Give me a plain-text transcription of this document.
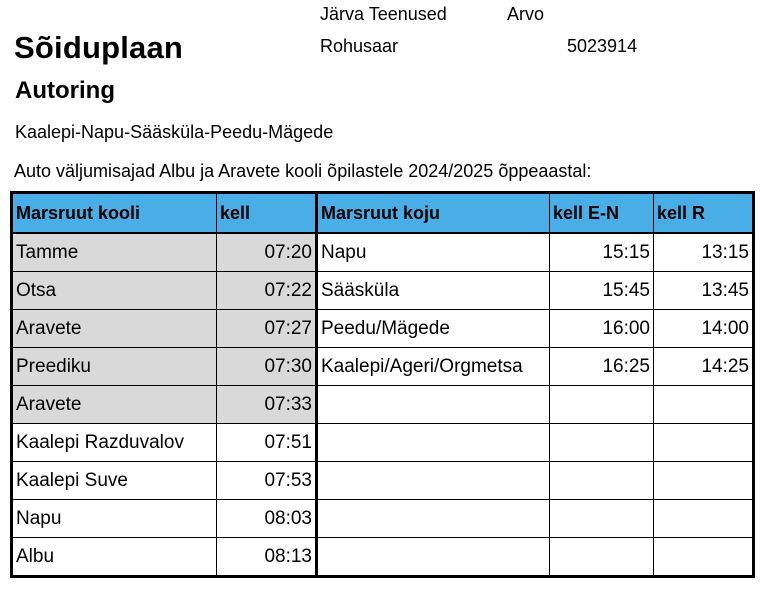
Sõiduplaan
Autoring
Kaalepi-Napu-Sääsküla-Peedu-Mägede
Auto väljumisajad Albu ja Aravete kooli õpilastele 2024/2025 õppeaastal:
Järva Teenused	Arvo
Rohusaar	5023914
Marsruut kooli	kell	Marsruut koju	kell E-N	kell R
Tamme	07:20	Napu	15:15	13:15
Otsa	07:22	Sääsküla	15:45	13:45
Aravete	07:27	Peedu/Mägede	16:00	14:00
Preediku	07:30	Kaalepi/Ageri/Orgmetsa	16:25	14:25
Aravete	07:33			
Kaalepi Razduvalov	07:51			
Kaalepi Suve	07:53			
Napu	08:03			
Albu	08:13			
